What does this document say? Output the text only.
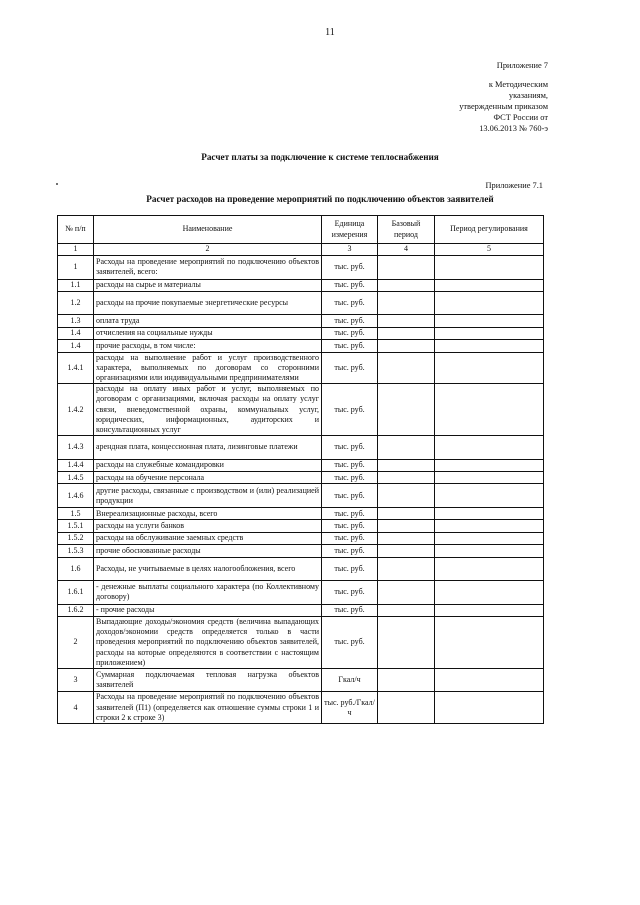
11
Приложение 7
к Методическим
указаниям,
утвержденным приказом
ФСТ России от
13.06.2013 № 760-э
Расчет платы за подключение к системе теплоснабжения
Приложение 7.1
Расчет расходов на проведение мероприятий по подключению объектов заявителей
№ п/п	Наименование	Единица измерения	Базовый период	Период регулирования
1	2	3	4	5
1	Расходы на проведение мероприятий по подключению объектов заявителей, всего:	тыс. руб.		
1.1	расходы на сырье и материалы	тыс. руб.		
1.2	расходы на прочие покупаемые энергетические ресурсы	тыс. руб.		
1.3	оплата труда	тыс. руб.		
1.4	отчисления на социальные нужды	тыс. руб.		
1.4	прочие расходы, в том числе:	тыс. руб.		
1.4.1	расходы на выполнение работ и услуг производственного характера, выполняемых по договорам со сторонними организациями или индивидуальными предпринимателями	тыс. руб.		
1.4.2	расходы на оплату иных работ и услуг, выполняемых по договорам с организациями, включая расходы на оплату услуг связи, вневедомственной охраны, коммунальных услуг, юридических, информационных, аудиторских и консультационных услуг	тыс. руб.		
1.4.3	арендная плата, концессионная плата, лизинговые платежи	тыс. руб.		
1.4.4	расходы на служебные командировки	тыс. руб.		
1.4.5	расходы на обучение персонала	тыс. руб.		
1.4.6	другие расходы, связанные с производством и (или) реализацией продукции	тыс. руб.		
1.5	Внереализационные расходы, всего	тыс. руб.		
1.5.1	расходы на услуги банков	тыс. руб.		
1.5.2	расходы на обслуживание заемных средств	тыс. руб.		
1.5.3	прочие обоснованные расходы	тыс. руб.		
1.6	Расходы, не учитываемые в целях налогообложения, всего	тыс. руб.		
1.6.1	- денежные выплаты социального характера (по Коллективному договору)	тыс. руб.		
1.6.2	- прочие расходы	тыс. руб.		
2	Выпадающие доходы/экономия средств (величина выпадающих доходов/экономии средств определяется только в части проведения мероприятий по подключению объектов заявителей, расходы на которые определяются в соответствии с настоящим приложением)	тыс. руб.		
3	Суммарная подключаемая тепловая нагрузка объектов заявителей	Гкал/ч		
4	Расходы на проведение мероприятий по подключению объектов заявителей (П1) (определяется как отношение суммы строки 1 и строки 2 к строке 3)	тыс. руб./Гкал/ч		
